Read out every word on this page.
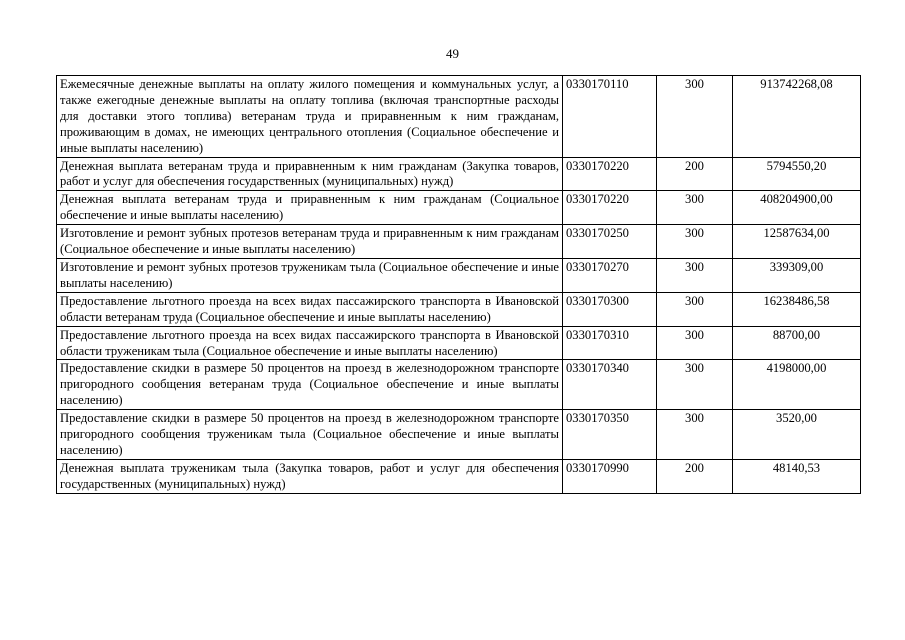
49
Ежемесячные денежные выплаты на оплату жилого помещения и коммунальных услуг, а также ежегодные денежные выплаты на оплату топлива (включая транспортные расходы для доставки этого топлива) ветеранам труда и приравненным к ним гражданам, проживающим в домах, не имеющих центрального отопления (Социальное обеспечение и иные выплаты населению)	0330170110	300	913742268,08
Денежная выплата ветеранам труда и приравненным к ним гражданам (Закупка товаров, работ и услуг для обеспечения государственных (муниципальных) нужд)	0330170220	200	5794550,20
Денежная выплата ветеранам труда и приравненным к ним гражданам (Социальное обеспечение и иные выплаты населению)	0330170220	300	408204900,00
Изготовление и ремонт зубных протезов ветеранам труда и приравненным к ним гражданам (Социальное обеспечение и иные выплаты населению)	0330170250	300	12587634,00
Изготовление и ремонт зубных протезов труженикам тыла (Социальное обеспечение и иные выплаты населению)	0330170270	300	339309,00
Предоставление льготного проезда на всех видах пассажирского транспорта в Ивановской области ветеранам труда (Социальное обеспечение и иные выплаты населению)	0330170300	300	16238486,58
Предоставление льготного проезда на всех видах пассажирского транспорта в Ивановской области труженикам тыла (Социальное обеспечение и иные выплаты населению)	0330170310	300	88700,00
Предоставление скидки в размере 50 процентов на проезд в железнодорожном транспорте пригородного сообщения ветеранам труда (Социальное обеспечение и иные выплаты населению)	0330170340	300	4198000,00
Предоставление скидки в размере 50 процентов на проезд в железнодорожном транспорте пригородного сообщения труженикам тыла (Социальное обеспечение и иные выплаты населению)	0330170350	300	3520,00
Денежная выплата труженикам тыла (Закупка товаров, работ и услуг для обеспечения государственных (муниципальных) нужд)	0330170990	200	48140,53
